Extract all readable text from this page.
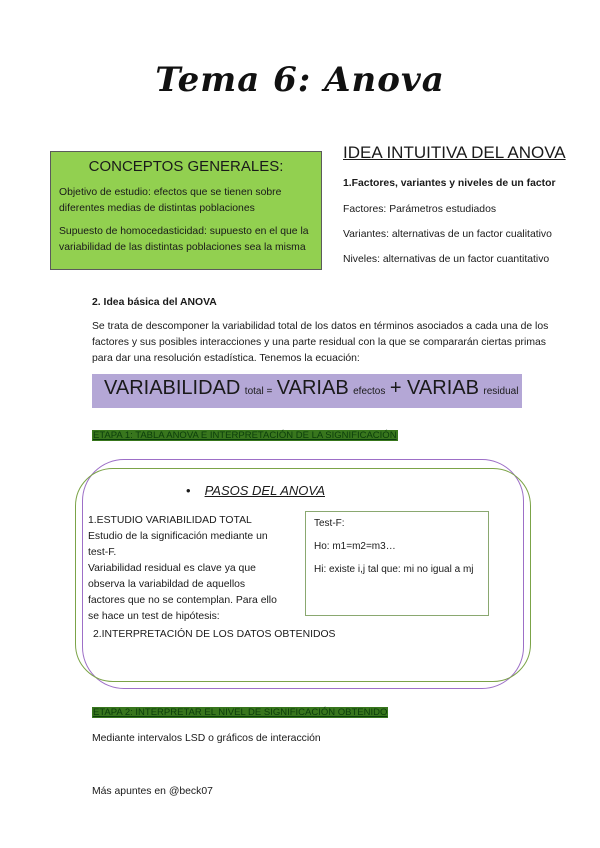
Tema 6: Anova
CONCEPTOS GENERALES:

Objetivo de estudio: efectos que se tienen sobre diferentes medias de distintas poblaciones

Supuesto de homocedasticidad: supuesto en el que la variabilidad de las distintas poblaciones sea la misma

IDEA INTUITIVA DEL ANOVA
1.Factores, variantes y niveles de un factor
Factores: Parámetros estudiados
Variantes: alternativas de un factor cualitativo
Niveles: alternativas de un factor cuantitativo
2. Idea básica del ANOVA
Se trata de descomponer la variabilidad total de los datos en términos asociados a cada una de los factores y sus posibles interacciones y una parte residual con la que se compararán ciertas primas para dar una resolución estadística. Tenemos la ecuación:
VARIABILIDAD total = VARIAB efectos + VARIAB residual
ETAPA 1: TABLA ANOVA E INTERPRETACIÓN DE LA SIGNIFICACIÓN
• PASOS DEL ANOVA
1.ESTUDIO VARIABILIDAD TOTAL
Estudio de la significación mediante un test-F.
Variabilidad residual es clave ya que observa la variabildad de aquellos factores que no se contemplan. Para ello se hace un test de hipótesis:
Test-F:
Ho: m1=m2=m3…
Hi: existe i,j tal que: mi no igual a mj
2.INTERPRETACIÓN DE LOS DATOS OBTENIDOS
ETAPA 2: INTERPRETAR EL NIVEL DE SIGNIFICACIÓN OBTENIDO
Mediante intervalos LSD o gráficos de interacción
Más apuntes en @beck07
